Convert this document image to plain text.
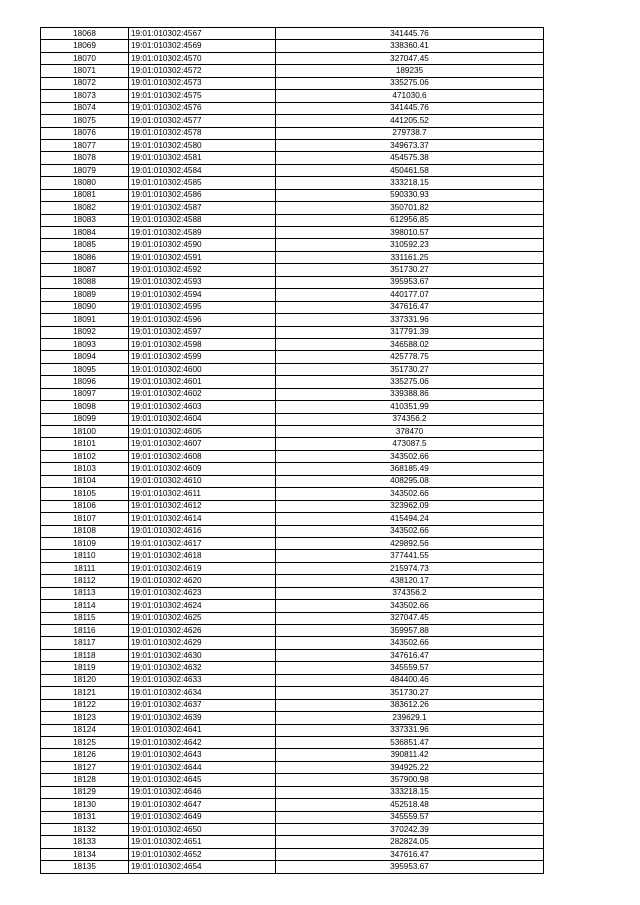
18068	19:01:010302:4567	341445.76
18069	19:01:010302:4569	338360.41
18070	19:01:010302:4570	327047.45
18071	19:01:010302:4572	189235
18072	19:01:010302:4573	335275.06
18073	19:01:010302:4575	471030.6
18074	19:01:010302:4576	341445.76
18075	19:01:010302:4577	441205.52
18076	19:01:010302:4578	279738.7
18077	19:01:010302:4580	349673.37
18078	19:01:010302:4581	454575.38
18079	19:01:010302:4584	450461.58
18080	19:01:010302:4585	333218.15
18081	19:01:010302:4586	590330.93
18082	19:01:010302:4587	350701.82
18083	19:01:010302:4588	612956.85
18084	19:01:010302:4589	398010.57
18085	19:01:010302:4590	310592.23
18086	19:01:010302:4591	331161.25
18087	19:01:010302:4592	351730.27
18088	19:01:010302:4593	395953.67
18089	19:01:010302:4594	440177.07
18090	19:01:010302:4595	347616.47
18091	19:01:010302:4596	337331.96
18092	19:01:010302:4597	317791.39
18093	19:01:010302:4598	346588.02
18094	19:01:010302:4599	425778.75
18095	19:01:010302:4600	351730.27
18096	19:01:010302:4601	335275.06
18097	19:01:010302:4602	339388.86
18098	19:01:010302:4603	410351.99
18099	19:01:010302:4604	374356.2
18100	19:01:010302:4605	378470
18101	19:01:010302:4607	473087.5
18102	19:01:010302:4608	343502.66
18103	19:01:010302:4609	368185.49
18104	19:01:010302:4610	408295.08
18105	19:01:010302:4611	343502.66
18106	19:01:010302:4612	323962.09
18107	19:01:010302:4614	415494.24
18108	19:01:010302:4616	343502.66
18109	19:01:010302:4617	429892.56
18110	19:01:010302:4618	377441.55
18111	19:01:010302:4619	215974.73
18112	19:01:010302:4620	438120.17
18113	19:01:010302:4623	374356.2
18114	19:01:010302:4624	343502.66
18115	19:01:010302:4625	327047.45
18116	19:01:010302:4626	359957.88
18117	19:01:010302:4629	343502.66
18118	19:01:010302:4630	347616.47
18119	19:01:010302:4632	345559.57
18120	19:01:010302:4633	484400.46
18121	19:01:010302:4634	351730.27
18122	19:01:010302:4637	383612.26
18123	19:01:010302:4639	239629.1
18124	19:01:010302:4641	337331.96
18125	19:01:010302:4642	536851.47
18126	19:01:010302:4643	390811.42
18127	19:01:010302:4644	394925.22
18128	19:01:010302:4645	357900.98
18129	19:01:010302:4646	333218.15
18130	19:01:010302:4647	452518.48
18131	19:01:010302:4649	345559.57
18132	19:01:010302:4650	370242.39
18133	19:01:010302:4651	282824.05
18134	19:01:010302:4652	347616.47
18135	19:01:010302:4654	395953.67
